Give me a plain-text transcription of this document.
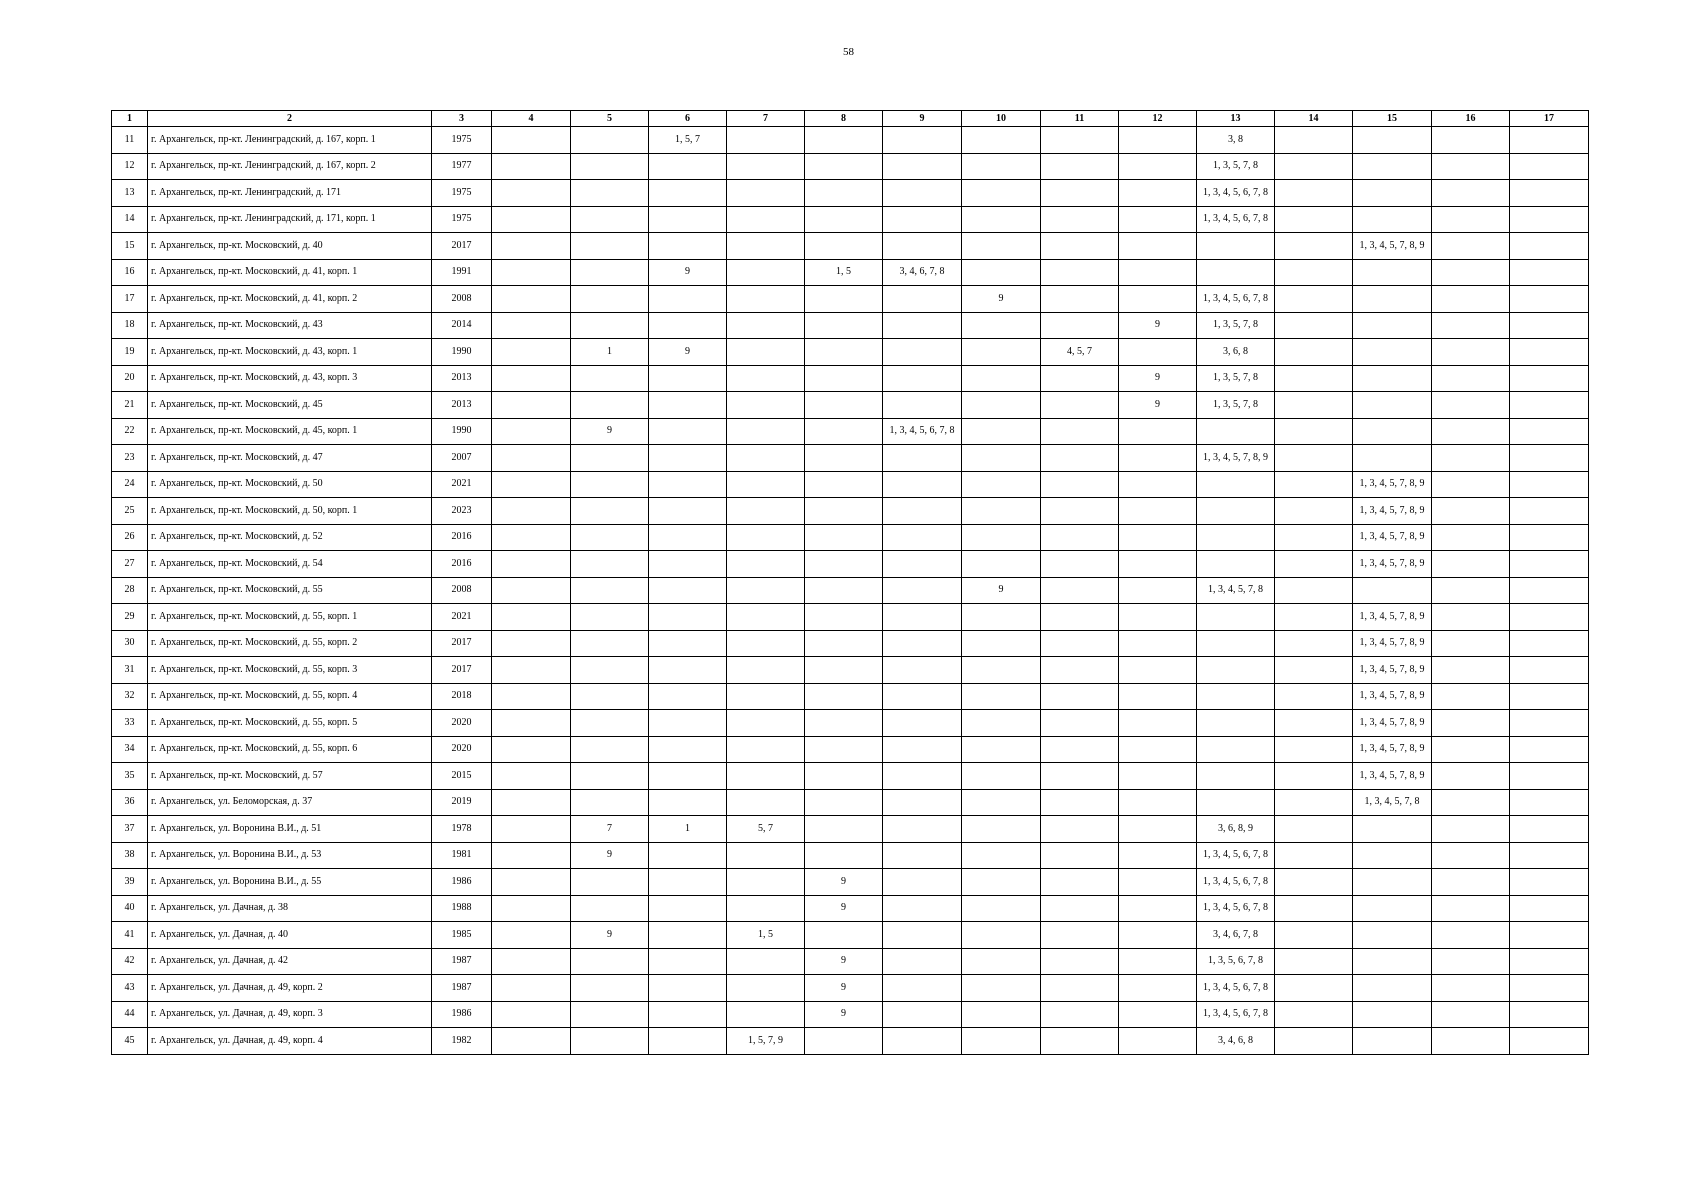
58
1	2	3	4	5	6	7	8	9	10	11	12	13	14	15	16	17
11	г. Архангельск, пр-кт. Ленинградский, д. 167, корп. 1	1975			1, 5, 7							3, 8				
12	г. Архангельск, пр-кт. Ленинградский, д. 167, корп. 2	1977										1, 3, 5, 7, 8				
13	г. Архангельск, пр-кт. Ленинградский, д. 171	1975										1, 3, 4, 5, 6, 7, 8				
14	г. Архангельск, пр-кт. Ленинградский, д. 171, корп. 1	1975										1, 3, 4, 5, 6, 7, 8				
15	г. Архангельск, пр-кт. Московский, д. 40	2017												1, 3, 4, 5, 7, 8, 9		
16	г. Архангельск, пр-кт. Московский, д. 41, корп. 1	1991			9		1, 5	3, 4, 6, 7, 8								
17	г. Архангельск, пр-кт. Московский, д. 41, корп. 2	2008							9			1, 3, 4, 5, 6, 7, 8				
18	г. Архангельск, пр-кт. Московский, д. 43	2014									9	1, 3, 5, 7, 8				
19	г. Архангельск, пр-кт. Московский, д. 43, корп. 1	1990		1	9					4, 5, 7		3, 6, 8				
20	г. Архангельск, пр-кт. Московский, д. 43, корп. 3	2013									9	1, 3, 5, 7, 8				
21	г. Архангельск, пр-кт. Московский, д. 45	2013									9	1, 3, 5, 7, 8				
22	г. Архангельск, пр-кт. Московский, д. 45, корп. 1	1990		9				1, 3, 4, 5, 6, 7, 8								
23	г. Архангельск, пр-кт. Московский, д. 47	2007										1, 3, 4, 5, 7, 8, 9				
24	г. Архангельск, пр-кт. Московский, д. 50	2021												1, 3, 4, 5, 7, 8, 9		
25	г. Архангельск, пр-кт. Московский, д. 50, корп. 1	2023												1, 3, 4, 5, 7, 8, 9		
26	г. Архангельск, пр-кт. Московский, д. 52	2016												1, 3, 4, 5, 7, 8, 9		
27	г. Архангельск, пр-кт. Московский, д. 54	2016												1, 3, 4, 5, 7, 8, 9		
28	г. Архангельск, пр-кт. Московский, д. 55	2008							9			1, 3, 4, 5, 7, 8				
29	г. Архангельск, пр-кт. Московский, д. 55, корп. 1	2021												1, 3, 4, 5, 7, 8, 9		
30	г. Архангельск, пр-кт. Московский, д. 55, корп. 2	2017												1, 3, 4, 5, 7, 8, 9		
31	г. Архангельск, пр-кт. Московский, д. 55, корп. 3	2017												1, 3, 4, 5, 7, 8, 9		
32	г. Архангельск, пр-кт. Московский, д. 55, корп. 4	2018												1, 3, 4, 5, 7, 8, 9		
33	г. Архангельск, пр-кт. Московский, д. 55, корп. 5	2020												1, 3, 4, 5, 7, 8, 9		
34	г. Архангельск, пр-кт. Московский, д. 55, корп. 6	2020												1, 3, 4, 5, 7, 8, 9		
35	г. Архангельск, пр-кт. Московский, д. 57	2015												1, 3, 4, 5, 7, 8, 9		
36	г. Архангельск, ул. Беломорская, д. 37	2019												1, 3, 4, 5, 7, 8		
37	г. Архангельск, ул. Воронина В.И., д. 51	1978		7	1	5, 7						3, 6, 8, 9				
38	г. Архангельск, ул. Воронина В.И., д. 53	1981		9								1, 3, 4, 5, 6, 7, 8				
39	г. Архангельск, ул. Воронина В.И., д. 55	1986					9					1, 3, 4, 5, 6, 7, 8				
40	г. Архангельск, ул. Дачная, д. 38	1988					9					1, 3, 4, 5, 6, 7, 8				
41	г. Архангельск, ул. Дачная, д. 40	1985		9		1, 5						3, 4, 6, 7, 8				
42	г. Архангельск, ул. Дачная, д. 42	1987					9					1, 3, 5, 6, 7, 8				
43	г. Архангельск, ул. Дачная, д. 49, корп. 2	1987					9					1, 3, 4, 5, 6, 7, 8				
44	г. Архангельск, ул. Дачная, д. 49, корп. 3	1986					9					1, 3, 4, 5, 6, 7, 8				
45	г. Архангельск, ул. Дачная, д. 49, корп. 4	1982				1, 5, 7, 9						3, 4, 6, 8				
